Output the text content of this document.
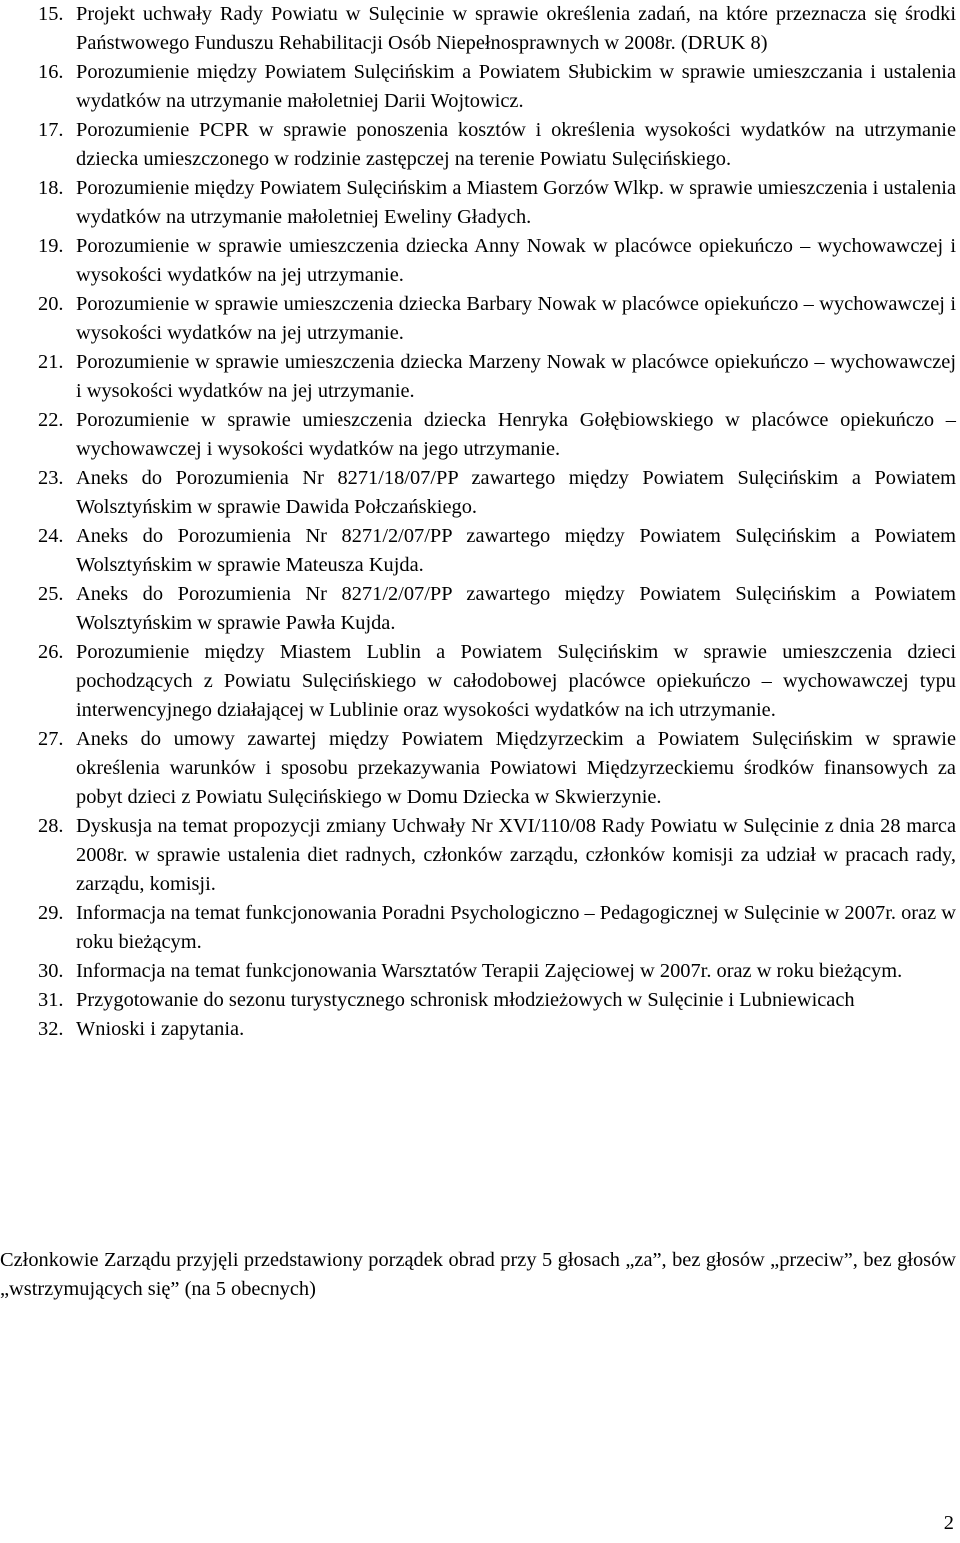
15. Projekt uchwały Rady Powiatu w Sulęcinie w sprawie określenia zadań, na które przeznacza się środki Państwowego Funduszu Rehabilitacji Osób Niepełnosprawnych w 2008r. (DRUK 8)
16. Porozumienie między Powiatem Sulęcińskim a Powiatem Słubickim w sprawie umieszczania i ustalenia wydatków na utrzymanie małoletniej Darii Wojtowicz.
17. Porozumienie PCPR w sprawie ponoszenia kosztów i określenia wysokości wydatków na utrzymanie dziecka umieszczonego w rodzinie zastępczej na terenie Powiatu Sulęcińskiego.
18. Porozumienie między Powiatem Sulęcińskim a Miastem Gorzów Wlkp. w sprawie umieszczenia i ustalenia wydatków na utrzymanie małoletniej Eweliny Gładych.
19. Porozumienie w sprawie umieszczenia dziecka Anny Nowak w placówce opiekuńczo – wychowawczej i wysokości wydatków na jej utrzymanie.
20. Porozumienie w sprawie umieszczenia dziecka Barbary Nowak w placówce opiekuńczo – wychowawczej i wysokości wydatków na jej utrzymanie.
21. Porozumienie w sprawie umieszczenia dziecka Marzeny Nowak w placówce opiekuńczo – wychowawczej i wysokości wydatków na jej utrzymanie.
22. Porozumienie w sprawie umieszczenia dziecka Henryka Gołębiowskiego w placówce opiekuńczo – wychowawczej i wysokości wydatków na jego utrzymanie.
23. Aneks do Porozumienia Nr 8271/18/07/PP zawartego między Powiatem Sulęcińskim a Powiatem Wolsztyńskim w sprawie Dawida Połczańskiego.
24. Aneks do Porozumienia Nr 8271/2/07/PP zawartego między Powiatem Sulęcińskim a Powiatem Wolsztyńskim w sprawie Mateusza Kujda.
25. Aneks do Porozumienia Nr 8271/2/07/PP zawartego między Powiatem Sulęcińskim a Powiatem Wolsztyńskim w sprawie Pawła Kujda.
26. Porozumienie między Miastem Lublin a Powiatem Sulęcińskim w sprawie umieszczenia dzieci pochodzących z Powiatu Sulęcińskiego w całodobowej placówce opiekuńczo – wychowawczej typu interwencyjnego działającej w Lublinie oraz wysokości wydatków na ich utrzymanie.
27. Aneks do umowy zawartej między Powiatem Międzyrzeckim a Powiatem Sulęcińskim w sprawie określenia warunków i sposobu przekazywania Powiatowi Międzyrzeckiemu środków finansowych za pobyt dzieci z Powiatu Sulęcińskiego w Domu Dziecka w Skwierzynie.
28. Dyskusja na temat propozycji zmiany Uchwały Nr XVI/110/08 Rady Powiatu w Sulęcinie z dnia 28 marca 2008r. w sprawie ustalenia diet radnych, członków zarządu, członków komisji za udział w pracach rady, zarządu, komisji.
29. Informacja na temat funkcjonowania Poradni Psychologiczno – Pedagogicznej w Sulęcinie w 2007r. oraz w roku bieżącym.
30. Informacja na temat funkcjonowania Warsztatów Terapii Zajęciowej w 2007r. oraz w roku bieżącym.
31. Przygotowanie do sezonu turystycznego schronisk młodzieżowych w Sulęcinie i Lubniewicach
32. Wnioski i zapytania.

Członkowie Zarządu przyjęli przedstawiony porządek obrad przy 5 głosach „za”, bez głosów „przeciw”, bez głosów „wstrzymujących się” (na 5 obecnych)

2
